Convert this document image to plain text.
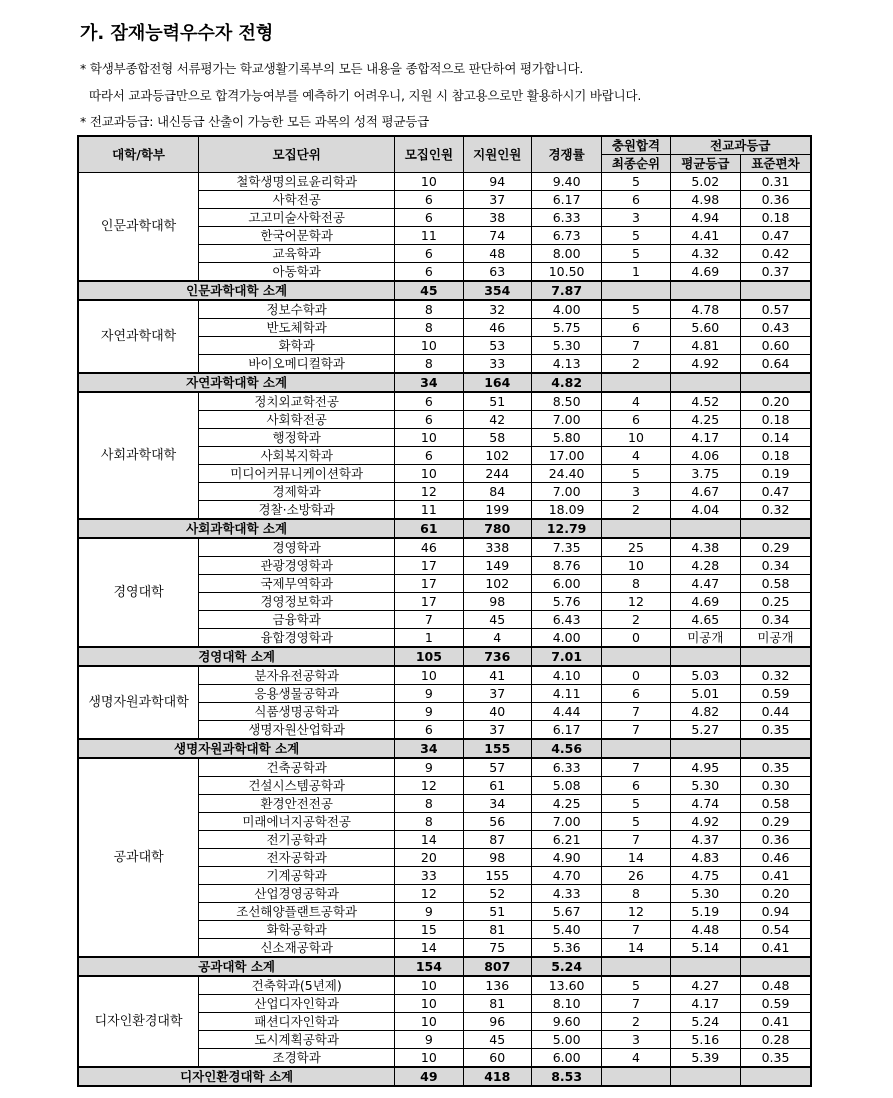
가. 잠재능력우수자 전형
* 학생부종합전형 서류평가는 학교생활기록부의 모든 내용을 종합적으로 판단하여 평가합니다.
따라서 교과등급만으로 합격가능여부를 예측하기 어려우니, 지원 시 참고용으로만 활용하시기 바랍니다.
* 전교과등급: 내신등급 산출이 가능한 모든 과목의 성적 평균등급
대학/학부	모집단위	모집인원	지원인원	경쟁률	충원합격	전교과등급	
					최종순위	평균등급	표준편차
인문과학대학	철학생명의료윤리학과	10	94	9.40	5	5.02	0.31
	사학전공	6	37	6.17	6	4.98	0.36
	고고미술사학전공	6	38	6.33	3	4.94	0.18
	한국어문학과	11	74	6.73	5	4.41	0.47
	교육학과	6	48	8.00	5	4.32	0.42
	아동학과	6	63	10.50	1	4.69	0.37
인문과학대학 소계		45	354	7.87			
자연과학대학	정보수학과	8	32	4.00	5	4.78	0.57
	반도체학과	8	46	5.75	6	5.60	0.43
	화학과	10	53	5.30	7	4.81	0.60
	바이오메디컬학과	8	33	4.13	2	4.92	0.64
자연과학대학 소계		34	164	4.82			
사회과학대학	정치외교학전공	6	51	8.50	4	4.52	0.20
	사회학전공	6	42	7.00	6	4.25	0.18
	행정학과	10	58	5.80	10	4.17	0.14
	사회복지학과	6	102	17.00	4	4.06	0.18
	미디어커뮤니케이션학과	10	244	24.40	5	3.75	0.19
	경제학과	12	84	7.00	3	4.67	0.47
	경찰·소방학과	11	199	18.09	2	4.04	0.32
사회과학대학 소계		61	780	12.79			
경영대학	경영학과	46	338	7.35	25	4.38	0.29
	관광경영학과	17	149	8.76	10	4.28	0.34
	국제무역학과	17	102	6.00	8	4.47	0.58
	경영정보학과	17	98	5.76	12	4.69	0.25
	금융학과	7	45	6.43	2	4.65	0.34
	융합경영학과	1	4	4.00	0	미공개	미공개
경영대학 소계		105	736	7.01			
생명자원과학대학	분자유전공학과	10	41	4.10	0	5.03	0.32
	응용생물공학과	9	37	4.11	6	5.01	0.59
	식품생명공학과	9	40	4.44	7	4.82	0.44
	생명자원산업학과	6	37	6.17	7	5.27	0.35
생명자원과학대학 소계		34	155	4.56			
공과대학	건축공학과	9	57	6.33	7	4.95	0.35
	건설시스템공학과	12	61	5.08	6	5.30	0.30
	환경안전전공	8	34	4.25	5	4.74	0.58
	미래에너지공학전공	8	56	7.00	5	4.92	0.29
	전기공학과	14	87	6.21	7	4.37	0.36
	전자공학과	20	98	4.90	14	4.83	0.46
	기계공학과	33	155	4.70	26	4.75	0.41
	산업경영공학과	12	52	4.33	8	5.30	0.20
	조선해양플랜트공학과	9	51	5.67	12	5.19	0.94
	화학공학과	15	81	5.40	7	4.48	0.54
	신소재공학과	14	75	5.36	14	5.14	0.41
공과대학 소계		154	807	5.24			
디자인환경대학	건축학과(5년제)	10	136	13.60	5	4.27	0.48
	산업디자인학과	10	81	8.10	7	4.17	0.59
	패션디자인학과	10	96	9.60	2	5.24	0.41
	도시계획공학과	9	45	5.00	3	5.16	0.28
	조경학과	10	60	6.00	4	5.39	0.35
디자인환경대학 소계		49	418	8.53			
